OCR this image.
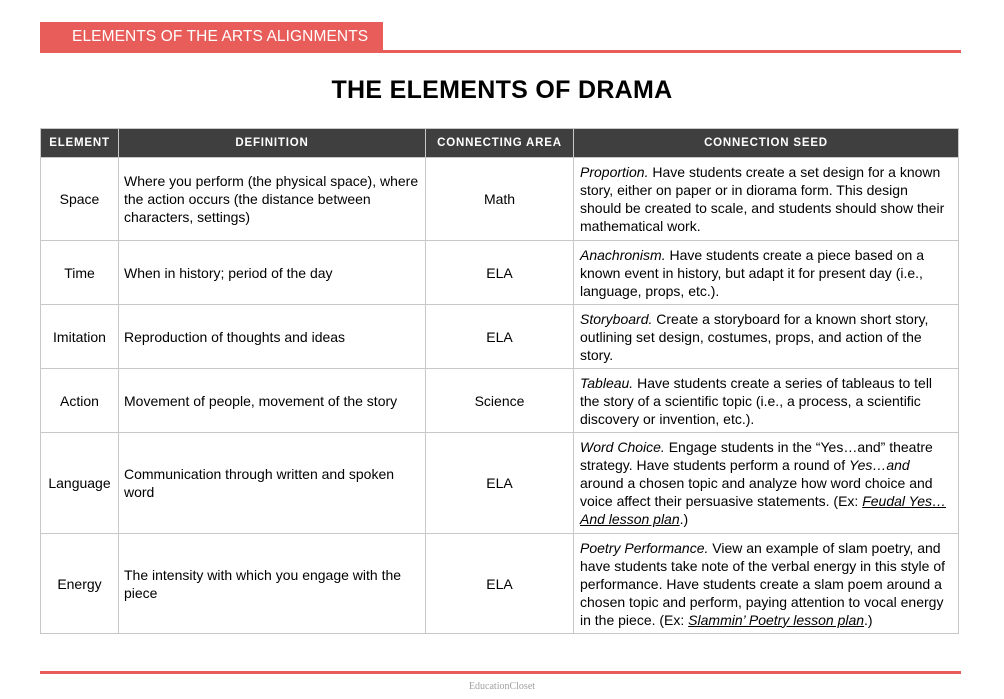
ELEMENTS OF THE ARTS ALIGNMENTS
THE ELEMENTS OF DRAMA
ELEMENT	DEFINITION	CONNECTING AREA	CONNECTION SEED
Space	Where you perform (the physical space), where the action occurs (the distance between characters, settings)	Math	Proportion. Have students create a set design for a known story, either on paper or in diorama form. This design should be created to scale, and students should show their mathematical work.
Time	When in history; period of the day	ELA	Anachronism. Have students create a piece based on a known event in history, but adapt it for present day (i.e., language, props, etc.).
Imitation	Reproduction of thoughts and ideas	ELA	Storyboard. Create a storyboard for a known short story, outlining set design, costumes, props, and action of the story.
Action	Movement of people, movement of the story	Science	Tableau. Have students create a series of tableaus to tell the story of a scientific topic (i.e., a process, a scientific discovery or invention, etc.).
Language	Communication through written and spoken word	ELA	Word Choice. Engage students in the “Yes…and” theatre strategy. Have students perform a round of Yes…and around a chosen topic and analyze how word choice and voice affect their persuasive statements. (Ex: Feudal Yes…And lesson plan.)
Energy	The intensity with which you engage with the piece	ELA	Poetry Performance. View an example of slam poetry, and have students take note of the verbal energy in this style of performance. Have students create a slam poem around a chosen topic and perform, paying attention to vocal energy in the piece. (Ex: Slammin’ Poetry lesson plan.)
EducationCloset
